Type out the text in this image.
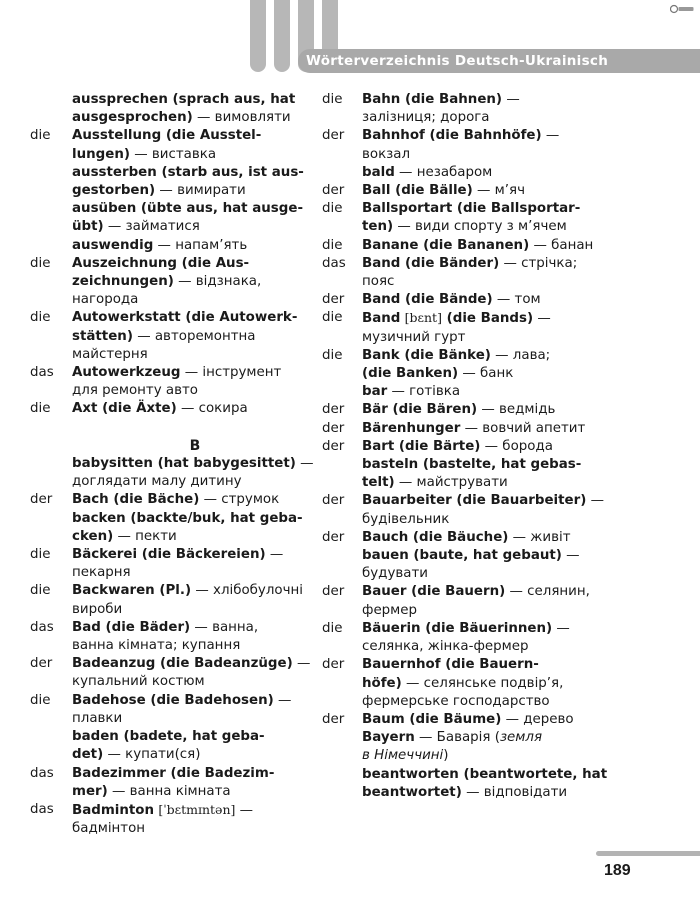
Wörterverzeichnis Deutsch-Ukrainisch
aussprechen (sprach aus, hat
ausgesprochen) — вимовляти
die	Ausstellung (die Ausstel-
lungen) — виставка
aussterben (starb aus, ist aus-
gestorben) — вимирати
ausüben (übte aus, hat ausge-
übt) — займатися
auswendig — напам’ять
die	Auszeichnung (die Aus-
zeichnungen) — відзнака,
нагорода
die	Autowerkstatt (die Autowerk-
stätten) — авторемонтна
майстерня
das	Autowerkzeug — інструмент
для ремонту авто
die	Axt (die Äxte) — сокира
B
babysitten (hat babygesittet) —
доглядати малу дитину
der	Bach (die Bäche) — струмок
backen (backte/buk, hat geba-
cken) — пекти
die	Bäckerei (die Bäckereien) —
пекарня
die	Backwaren (Pl.) — хлібобулочні
вироби
das	Bad (die Bäder) — ванна,
ванна кімната; купання
der	Badeanzug (die Badeanzüge) —
купальний костюм
die	Badehose (die Badehosen) —
плавки
baden (badete, hat geba-
det) — купати(ся)
das	Badezimmer (die Badezim-
mer) — ванна кімната
das	Badminton [ˈbɛtmɪntən] —
бадмінтон
die	Bahn (die Bahnen) —
залізниця; дорога
der	Bahnhof (die Bahnhöfe) —
вокзал
bald — незабаром
der	Ball (die Bälle) — м’яч
die	Ballsportart (die Ballsportar-
ten) — види спорту з м’ячем
die	Banane (die Bananen) — банан
das	Band (die Bänder) — стрічка;
пояс
der	Band (die Bände) — том
die	Band [bɛnt] (die Bands) —
музичний гурт
die	Bank (die Bänke) — лава;
(die Banken) — банк
bar — готівка
der	Bär (die Bären) — ведмідь
der	Bärenhunger — вовчий апетит
der	Bart (die Bärte) — борода
basteln (bastelte, hat gebas-
telt) — майструвати
der	Bauarbeiter (die Bauarbeiter) —
будівельник
der	Bauch (die Bäuche) — живіт
bauen (baute, hat gebaut) —
будувати
der	Bauer (die Bauern) — селянин,
фермер
die	Bäuerin (die Bäuerinnen) —
селянка, жінка-фермер
der	Bauernhof (die Bauern-
höfe) — селянське подвір’я,
фермерське господарство
der	Baum (die Bäume) — дерево
Bayern — Баварія (земля
в Німеччині)
beantworten (beantwortete, hat
beantwortet) — відповідати
189
